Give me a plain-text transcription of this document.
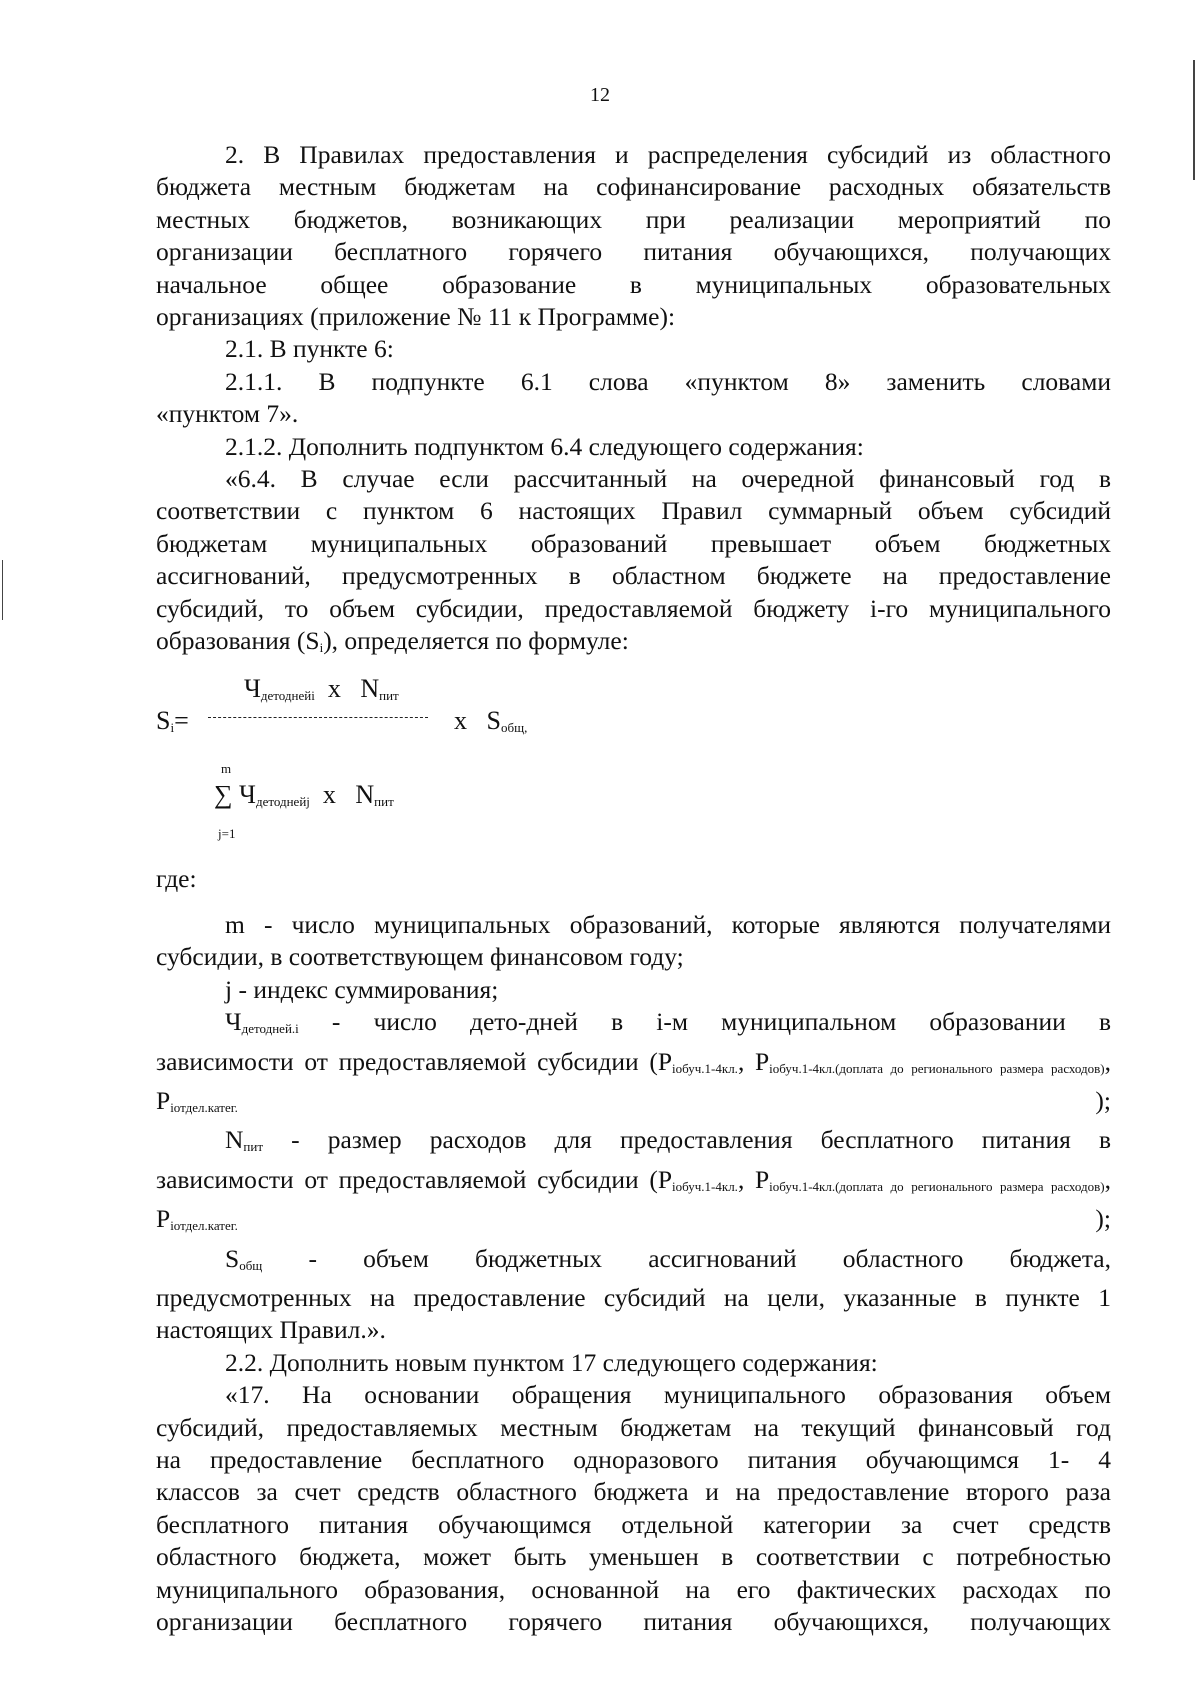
12

2. В Правилах предоставления и распределения субсидий из областного

бюджета местным бюджетам на софинансирование расходных обязательств

местных бюджетов, возникающих при реализации мероприятий по

организации бесплатного горячего питания обучающихся, получающих

начальное общее образование в муниципальных образовательных

организациях (приложение № 11 к Программе):

2.1. В пункте 6:

2.1.1. В подпункте 6.1 слова «пунктом 8» заменить словами

«пунктом 7».

2.1.2. Дополнить подпунктом 6.4 следующего содержания:

«6.4. В случае если рассчитанный на очередной финансовый год в

соответствии с пунктом 6 настоящих Правил суммарный объем субсидий

бюджетам муниципальных образований превышает объем бюджетных

ассигнований, предусмотренных в областном бюджете на предоставление

субсидий, то объем субсидии, предоставляемой бюджету i-го муниципального

образования $(S_i)$, определяется по формуле:

$Ч_{детоднейi}$ x $N_{пит}$
$S_i=$	x $S_{общ,}$
m
∑ $Ч_{детоднейj}$ x $N_{пит}$
j=1

где:

m - число муниципальных образований, которые являются получателями

субсидии, в соответствующем финансовом году;

j - индекс суммирования;

$Ч_{детодней.i}$ - число дето-дней в i-м муниципальном образовании в

зависимости от предоставляемой субсидии ($P_{iобуч.1-4кл.}$, $P_{iобуч.1-4кл.(доплата до регионального размера расходов)}$, $P_{iотдел.катег.}$ );

$N_{пит}$ - размер расходов для предоставления бесплатного питания в

зависимости от предоставляемой субсидии ($P_{iобуч.1-4кл.}$, $P_{iобуч.1-4кл.(доплата до регионального размера расходов)}$, $P_{iотдел.катег.}$ );

$S_{общ}$ - объем бюджетных ассигнований областного бюджета,

предусмотренных на предоставление субсидий на цели, указанные в пункте 1

настоящих Правил.».

2.2. Дополнить новым пунктом 17 следующего содержания:

«17. На основании обращения муниципального образования объем

субсидий, предоставляемых местным бюджетам на текущий финансовый год

на предоставление бесплатного одноразового питания обучающимся 1- 4

классов за счет средств областного бюджета и на предоставление второго раза

бесплатного питания обучающимся отдельной категории за счет средств

областного бюджета, может быть уменьшен в соответствии с потребностью

муниципального образования, основанной на его фактических расходах по

организации бесплатного горячего питания обучающихся, получающих
